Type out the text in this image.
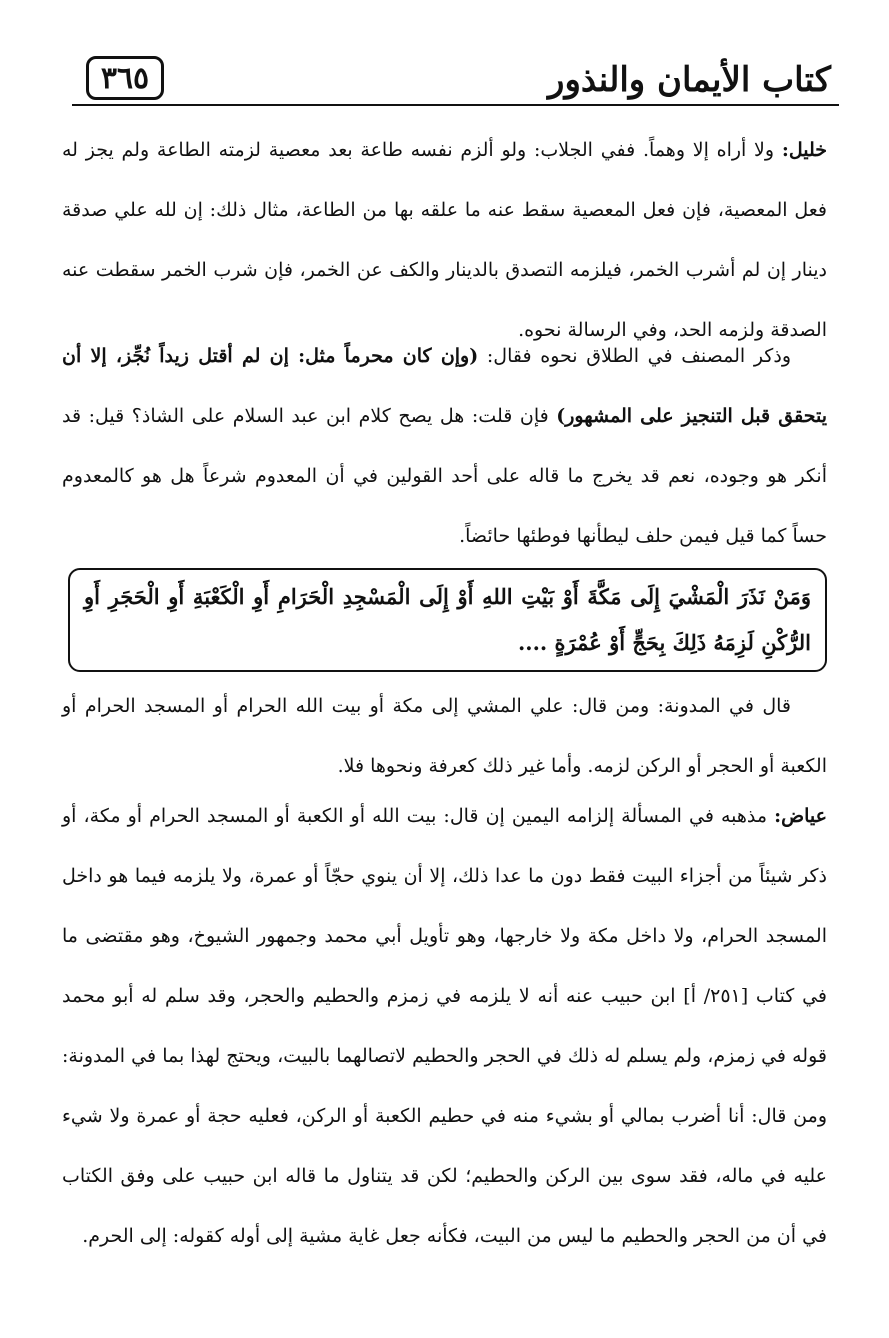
٣٦٥	كتاب الأيمان والنذور

خليل: ولا أراه إلا وهماً. ففي الجلاب: ولو ألزم نفسه طاعة بعد معصية لزمته الطاعة ولم يجز له فعل المعصية، فإن فعل المعصية سقط عنه ما علقه بها من الطاعة، مثال ذلك: إن لله علي صدقة دينار إن لم أشرب الخمر، فيلزمه التصدق بالدينار والكف عن الخمر، فإن شرب الخمر سقطت عنه الصدقة ولزمه الحد، وفي الرسالة نحوه.

وذكر المصنف في الطلاق نحوه فقال: (وإن كان محرماً مثل: إن لم أقتل زيداً نُجِّز، إلا أن يتحقق قبل التنجيز على المشهور) فإن قلت: هل يصح كلام ابن عبد السلام على الشاذ؟ قيل: قد أنكر هو وجوده، نعم قد يخرج ما قاله على أحد القولين في أن المعدوم شرعاً هل هو كالمعدوم حساً كما قيل فيمن حلف ليطأنها فوطئها حائضاً.

وَمَنْ نَذَرَ الْمَشْيَ إِلَى مَكَّةَ أَوْ بَيْتِ اللهِ أَوْ إِلَى الْمَسْجِدِ الْحَرَامِ أَوِ الْكَعْبَةِ أَوِ الْحَجَرِ أَوِ الرُّكْنِ لَزِمَهُ ذَلِكَ بِحَجٍّ أَوْ عُمْرَةٍ ....

قال في المدونة: ومن قال: علي المشي إلى مكة أو بيت الله الحرام أو المسجد الحرام أو الكعبة أو الحجر أو الركن لزمه. وأما غير ذلك كعرفة ونحوها فلا.

عياض: مذهبه في المسألة إلزامه اليمين إن قال: بيت الله أو الكعبة أو المسجد الحرام أو مكة، أو ذكر شيئاً من أجزاء البيت فقط دون ما عدا ذلك، إلا أن ينوي حجّاً أو عمرة، ولا يلزمه فيما هو داخل المسجد الحرام، ولا داخل مكة ولا خارجها، وهو تأويل أبي محمد وجمهور الشيوخ، وهو مقتضى ما في كتاب [٢٥١/ أ] ابن حبيب عنه أنه لا يلزمه في زمزم والحطيم والحجر، وقد سلم له أبو محمد قوله في زمزم، ولم يسلم له ذلك في الحجر والحطيم لاتصالهما بالبيت، ويحتج لهذا بما في المدونة: ومن قال: أنا أضرب بمالي أو بشيء منه في حطيم الكعبة أو الركن، فعليه حجة أو عمرة ولا شيء عليه في ماله، فقد سوى بين الركن والحطيم؛ لكن قد يتناول ما قاله ابن حبيب على وفق الكتاب في أن من الحجر والحطيم ما ليس من البيت، فكأنه جعل غاية مشية إلى أوله كقوله: إلى الحرم.
